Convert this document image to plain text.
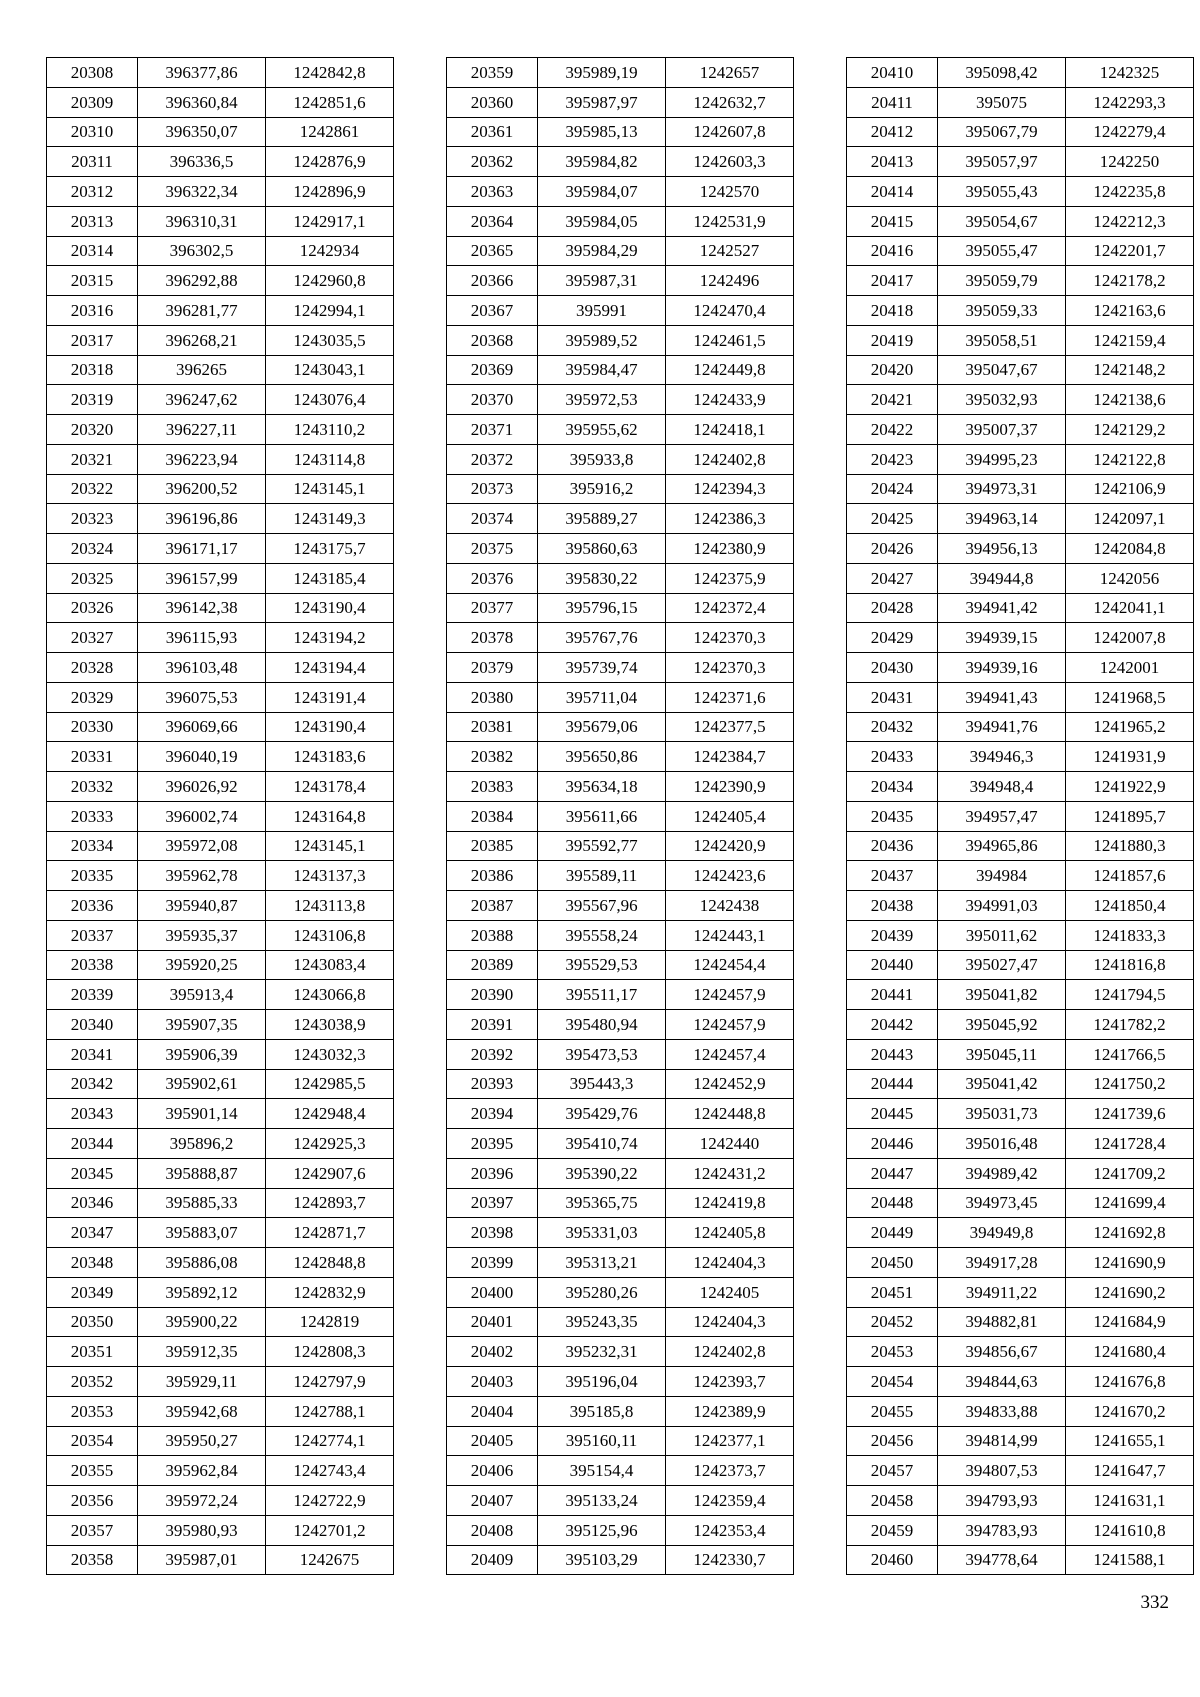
20308	396377,86	1242842,8
20309	396360,84	1242851,6
20310	396350,07	1242861
20311	396336,5	1242876,9
20312	396322,34	1242896,9
20313	396310,31	1242917,1
20314	396302,5	1242934
20315	396292,88	1242960,8
20316	396281,77	1242994,1
20317	396268,21	1243035,5
20318	396265	1243043,1
20319	396247,62	1243076,4
20320	396227,11	1243110,2
20321	396223,94	1243114,8
20322	396200,52	1243145,1
20323	396196,86	1243149,3
20324	396171,17	1243175,7
20325	396157,99	1243185,4
20326	396142,38	1243190,4
20327	396115,93	1243194,2
20328	396103,48	1243194,4
20329	396075,53	1243191,4
20330	396069,66	1243190,4
20331	396040,19	1243183,6
20332	396026,92	1243178,4
20333	396002,74	1243164,8
20334	395972,08	1243145,1
20335	395962,78	1243137,3
20336	395940,87	1243113,8
20337	395935,37	1243106,8
20338	395920,25	1243083,4
20339	395913,4	1243066,8
20340	395907,35	1243038,9
20341	395906,39	1243032,3
20342	395902,61	1242985,5
20343	395901,14	1242948,4
20344	395896,2	1242925,3
20345	395888,87	1242907,6
20346	395885,33	1242893,7
20347	395883,07	1242871,7
20348	395886,08	1242848,8
20349	395892,12	1242832,9
20350	395900,22	1242819
20351	395912,35	1242808,3
20352	395929,11	1242797,9
20353	395942,68	1242788,1
20354	395950,27	1242774,1
20355	395962,84	1242743,4
20356	395972,24	1242722,9
20357	395980,93	1242701,2
20358	395987,01	1242675
20359	395989,19	1242657
20360	395987,97	1242632,7
20361	395985,13	1242607,8
20362	395984,82	1242603,3
20363	395984,07	1242570
20364	395984,05	1242531,9
20365	395984,29	1242527
20366	395987,31	1242496
20367	395991	1242470,4
20368	395989,52	1242461,5
20369	395984,47	1242449,8
20370	395972,53	1242433,9
20371	395955,62	1242418,1
20372	395933,8	1242402,8
20373	395916,2	1242394,3
20374	395889,27	1242386,3
20375	395860,63	1242380,9
20376	395830,22	1242375,9
20377	395796,15	1242372,4
20378	395767,76	1242370,3
20379	395739,74	1242370,3
20380	395711,04	1242371,6
20381	395679,06	1242377,5
20382	395650,86	1242384,7
20383	395634,18	1242390,9
20384	395611,66	1242405,4
20385	395592,77	1242420,9
20386	395589,11	1242423,6
20387	395567,96	1242438
20388	395558,24	1242443,1
20389	395529,53	1242454,4
20390	395511,17	1242457,9
20391	395480,94	1242457,9
20392	395473,53	1242457,4
20393	395443,3	1242452,9
20394	395429,76	1242448,8
20395	395410,74	1242440
20396	395390,22	1242431,2
20397	395365,75	1242419,8
20398	395331,03	1242405,8
20399	395313,21	1242404,3
20400	395280,26	1242405
20401	395243,35	1242404,3
20402	395232,31	1242402,8
20403	395196,04	1242393,7
20404	395185,8	1242389,9
20405	395160,11	1242377,1
20406	395154,4	1242373,7
20407	395133,24	1242359,4
20408	395125,96	1242353,4
20409	395103,29	1242330,7
20410	395098,42	1242325
20411	395075	1242293,3
20412	395067,79	1242279,4
20413	395057,97	1242250
20414	395055,43	1242235,8
20415	395054,67	1242212,3
20416	395055,47	1242201,7
20417	395059,79	1242178,2
20418	395059,33	1242163,6
20419	395058,51	1242159,4
20420	395047,67	1242148,2
20421	395032,93	1242138,6
20422	395007,37	1242129,2
20423	394995,23	1242122,8
20424	394973,31	1242106,9
20425	394963,14	1242097,1
20426	394956,13	1242084,8
20427	394944,8	1242056
20428	394941,42	1242041,1
20429	394939,15	1242007,8
20430	394939,16	1242001
20431	394941,43	1241968,5
20432	394941,76	1241965,2
20433	394946,3	1241931,9
20434	394948,4	1241922,9
20435	394957,47	1241895,7
20436	394965,86	1241880,3
20437	394984	1241857,6
20438	394991,03	1241850,4
20439	395011,62	1241833,3
20440	395027,47	1241816,8
20441	395041,82	1241794,5
20442	395045,92	1241782,2
20443	395045,11	1241766,5
20444	395041,42	1241750,2
20445	395031,73	1241739,6
20446	395016,48	1241728,4
20447	394989,42	1241709,2
20448	394973,45	1241699,4
20449	394949,8	1241692,8
20450	394917,28	1241690,9
20451	394911,22	1241690,2
20452	394882,81	1241684,9
20453	394856,67	1241680,4
20454	394844,63	1241676,8
20455	394833,88	1241670,2
20456	394814,99	1241655,1
20457	394807,53	1241647,7
20458	394793,93	1241631,1
20459	394783,93	1241610,8
20460	394778,64	1241588,1
332
